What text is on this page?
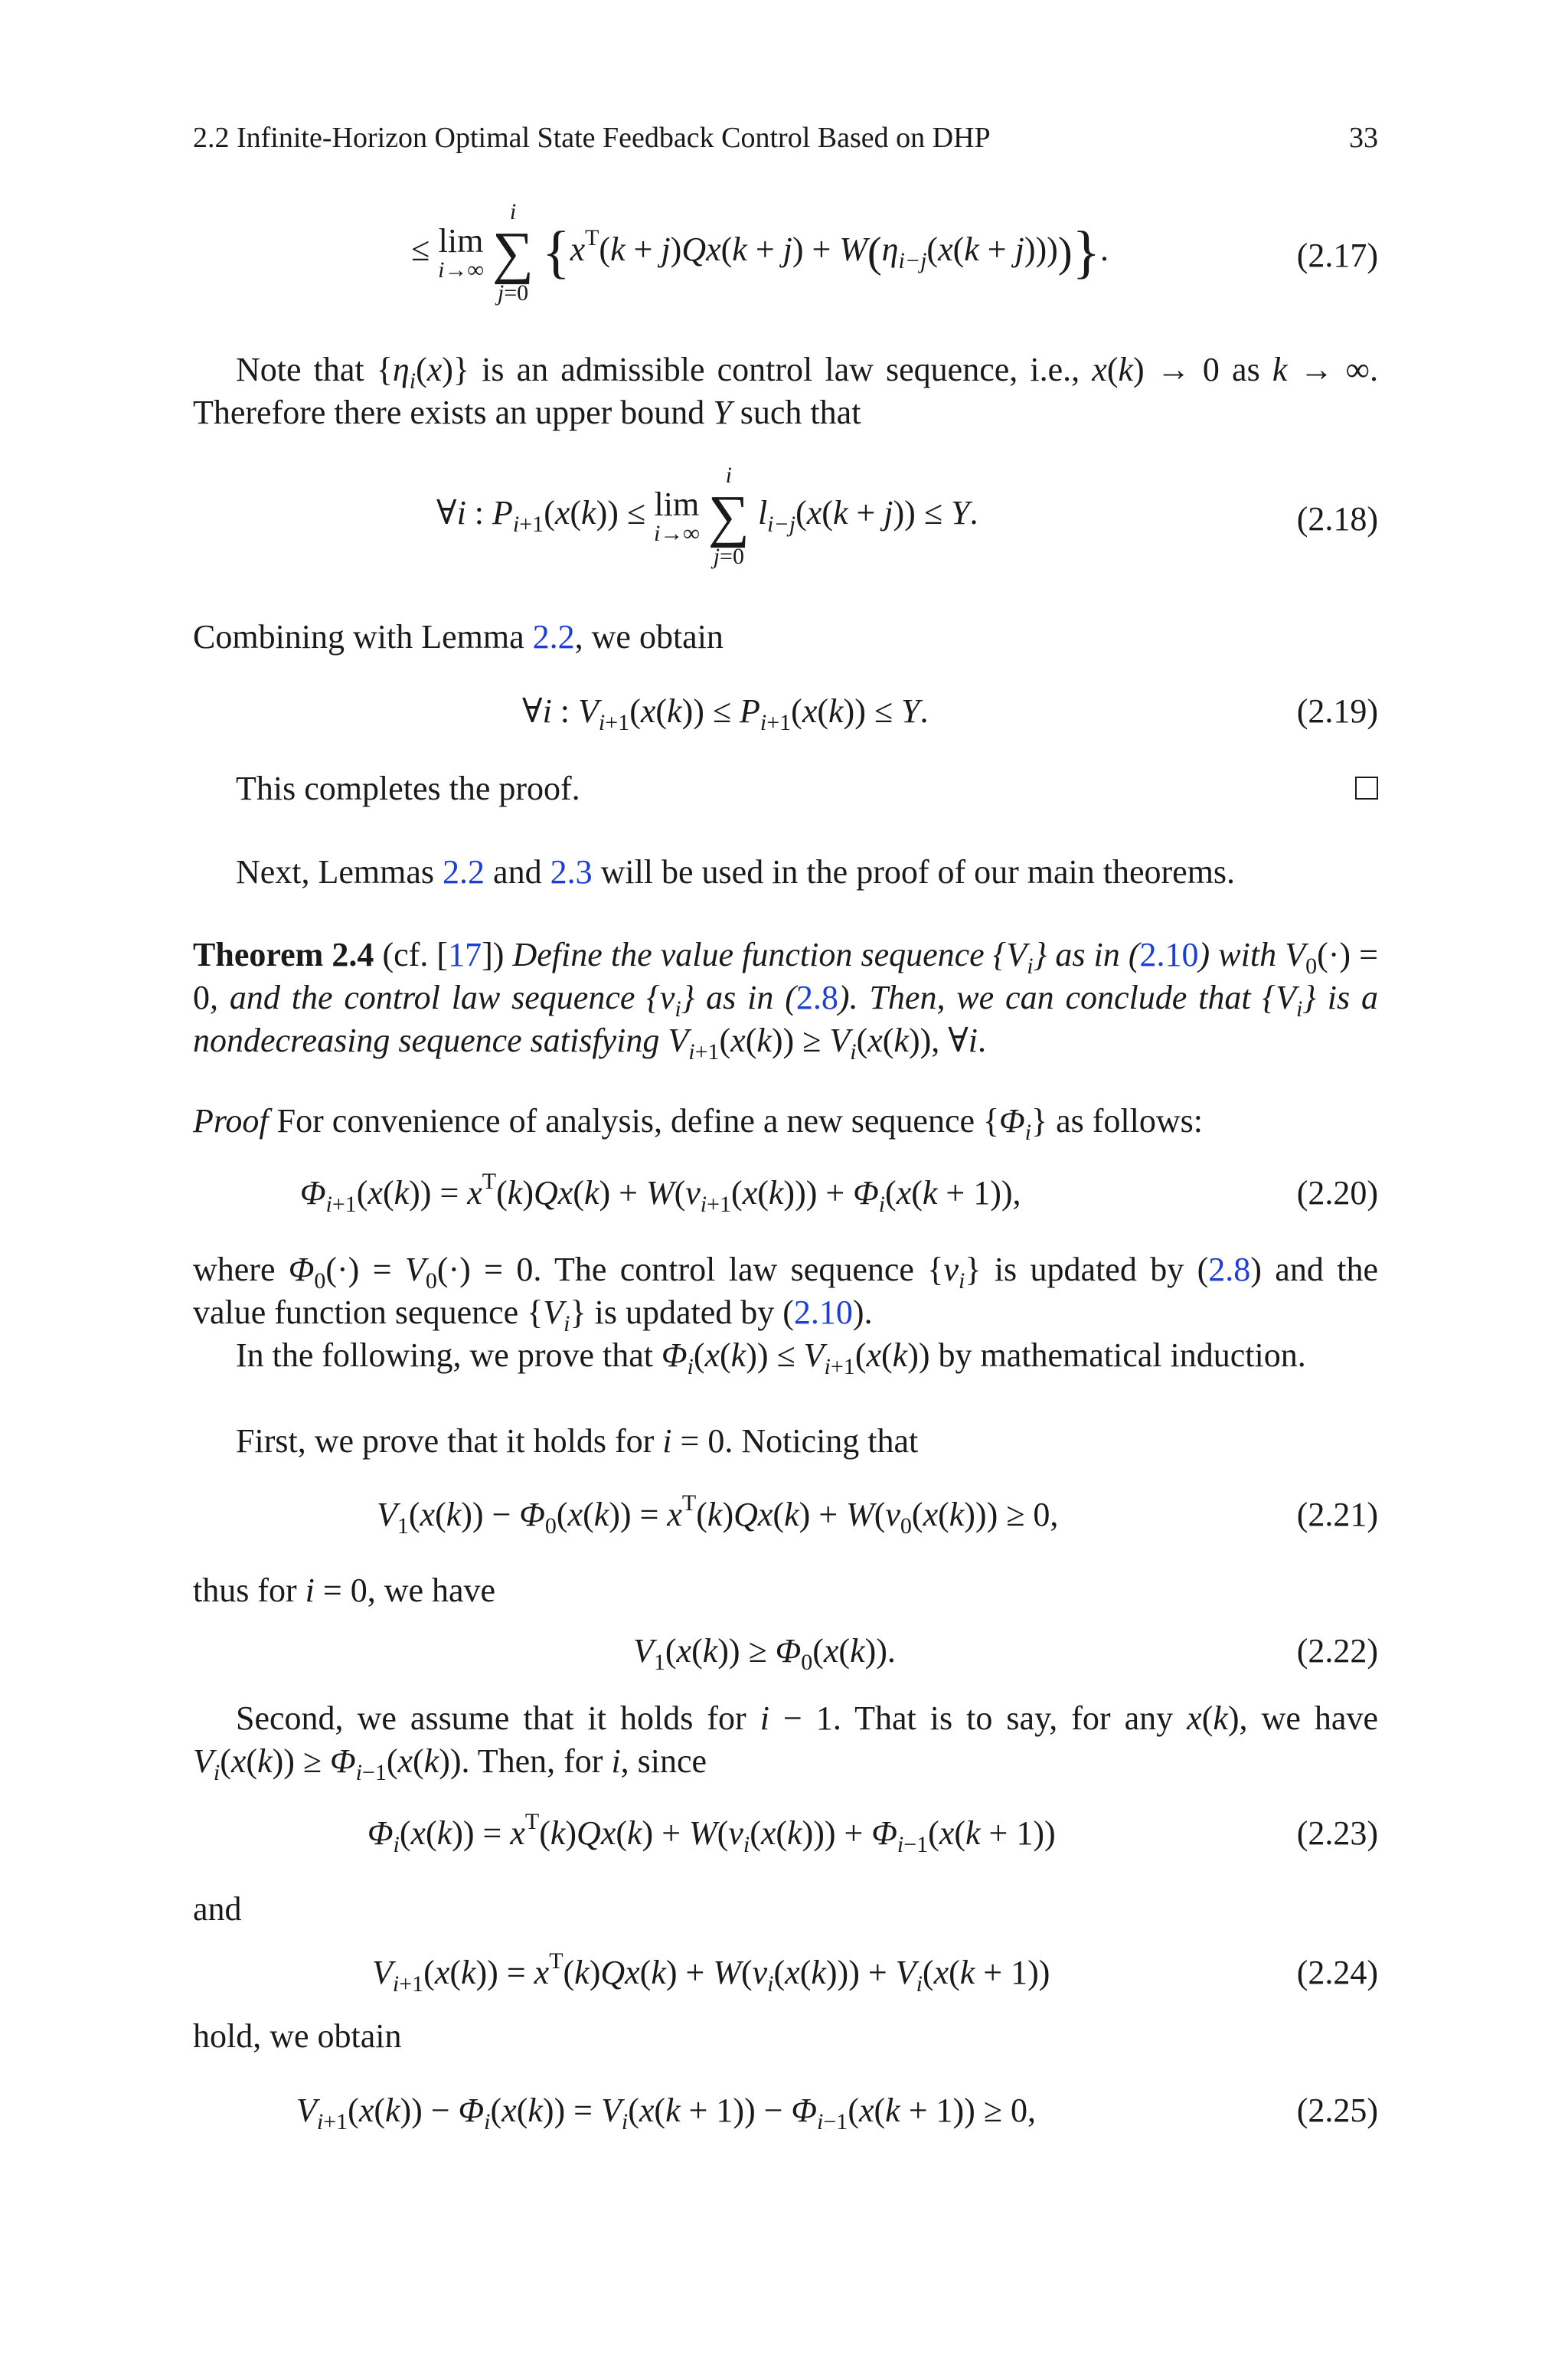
2.2 Infinite-Horizon Optimal State Feedback Control Based on DHP	33
≤ lim
i→∞

i
∑
j=0
$\{x^T(k + j)Qx(k + j) + W(\eta_{i-j}(x(k + j))))$}.	(2.17)
Note that $\{\eta_i(x)\}$ is an admissible control law sequence, i.e., x(k) → 0 as k → ∞. Therefore there exists an upper bound Y such that
∀i : $P_{i+1}(x(k)) \le \lim$
i→∞

i
∑
j=0
$l_{i-j}(x(k + j)) \le Y$.	(2.18)
Combining with Lemma 2.2, we obtain
∀i : $V_{i+1}(x(k)) \le P_{i+1}(x(k)) \le Y$.	(2.19)
This completes the proof.
Next, Lemmas 2.2 and 2.3 will be used in the proof of our main theorems.
Theorem 2.4 (cf. [17]) Define the value function sequence $\{V_i\}$ as in (2.10) with $V_0(\cdot) = 0$, and the control law sequence $\{v_i\}$ as in (2.8). Then, we can conclude that $\{V_i\}$ is a nondecreasing sequence satisfying $V_{i+1}(x(k)) \ge V_i(x(k))$, ∀i.
Proof For convenience of analysis, define a new sequence $\{\Phi_i\}$ as follows:
$\Phi_{i+1}(x(k)) = x^T(k)Qx(k) + W(v_{i+1}(x(k))) + \Phi_i(x(k + 1))$,	(2.20)
where $\Phi_0(\cdot) = V_0(\cdot) = 0$. The control law sequence $\{v_i\}$ is updated by (2.8) and the value function sequence $\{V_i\}$ is updated by (2.10).
In the following, we prove that $\Phi_i(x(k)) \le V_{i+1}(x(k))$ by mathematical induction.
First, we prove that it holds for i = 0. Noticing that
$V_1(x(k)) - \Phi_0(x(k)) = x^T(k)Qx(k) + W(v_0(x(k))) \ge 0$,	(2.21)
thus for i = 0, we have
$V_1(x(k)) \ge \Phi_0(x(k))$.	(2.22)
Second, we assume that it holds for i − 1. That is to say, for any x(k), we have $V_i(x(k)) \ge \Phi_{i-1}(x(k))$. Then, for i, since
$\Phi_i(x(k)) = x^T(k)Qx(k) + W(v_i(x(k))) + \Phi_{i-1}(x(k + 1))$	(2.23)
and
$V_{i+1}(x(k)) = x^T(k)Qx(k) + W(v_i(x(k))) + V_i(x(k + 1))$	(2.24)
hold, we obtain
$V_{i+1}(x(k)) - \Phi_i(x(k)) = V_i(x(k + 1)) - \Phi_{i-1}(x(k + 1)) \ge 0$,	(2.25)
